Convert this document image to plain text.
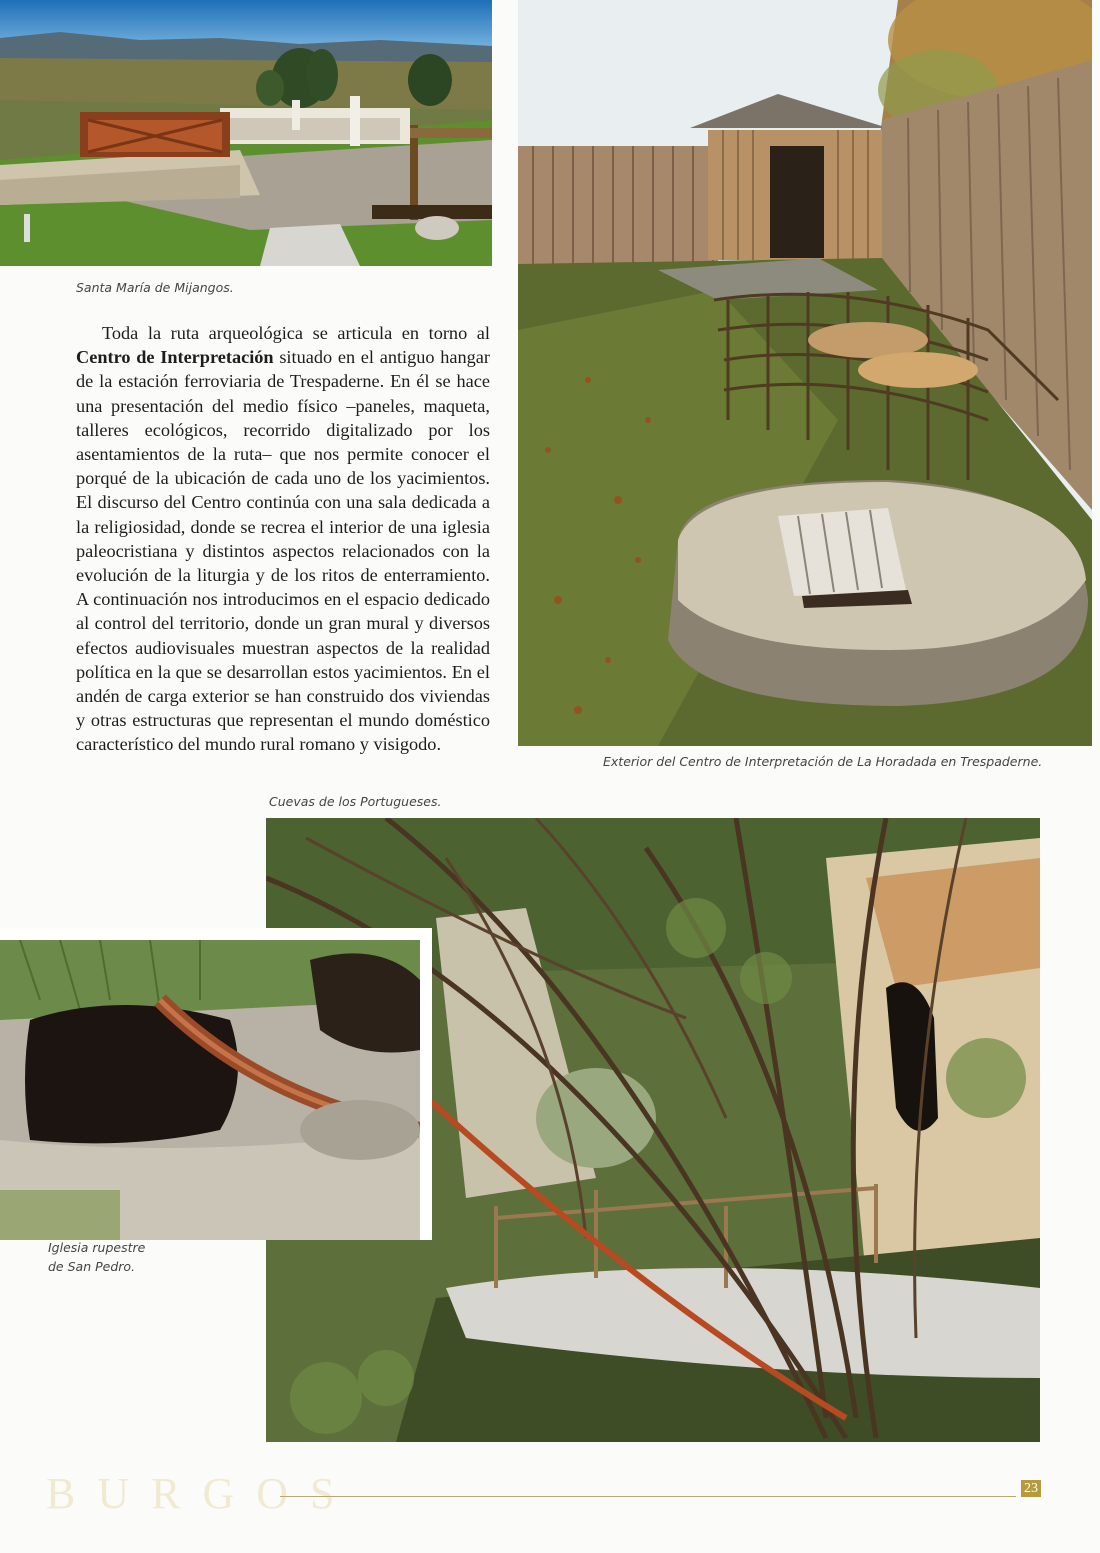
Santa María de Mijangos.
Exterior del Centro de Interpretación de La Horadada en Trespaderne.

Toda la ruta arqueológica se articula en torno al Centro de Interpretación situado en el antiguo hangar de la estación ferroviaria de Trespaderne. En él se hace una presentación del medio físico –paneles, maqueta, talleres ecológicos, recorrido digitalizado por los asentamientos de la ruta– que nos permite conocer el porqué de la ubicación de cada uno de los yacimientos. El discurso del Centro continúa con una sala dedicada a la religiosidad, donde se recrea el interior de una iglesia paleocristiana y distintos aspectos relacionados con la evolución de la liturgia y de los ritos de enterramiento. A continuación nos introducimos en el espacio dedicado al control del territorio, donde un gran mural y diversos efectos audiovisuales muestran aspectos de la realidad política en la que se desarrollan estos yacimientos. En el andén de carga exterior se han construido dos viviendas y otras estructuras que representan el mundo doméstico característico del mundo rural romano y visigodo.

Cuevas de los Portugueses.
Iglesia rupestre
de San Pedro.
BURGOS	23
